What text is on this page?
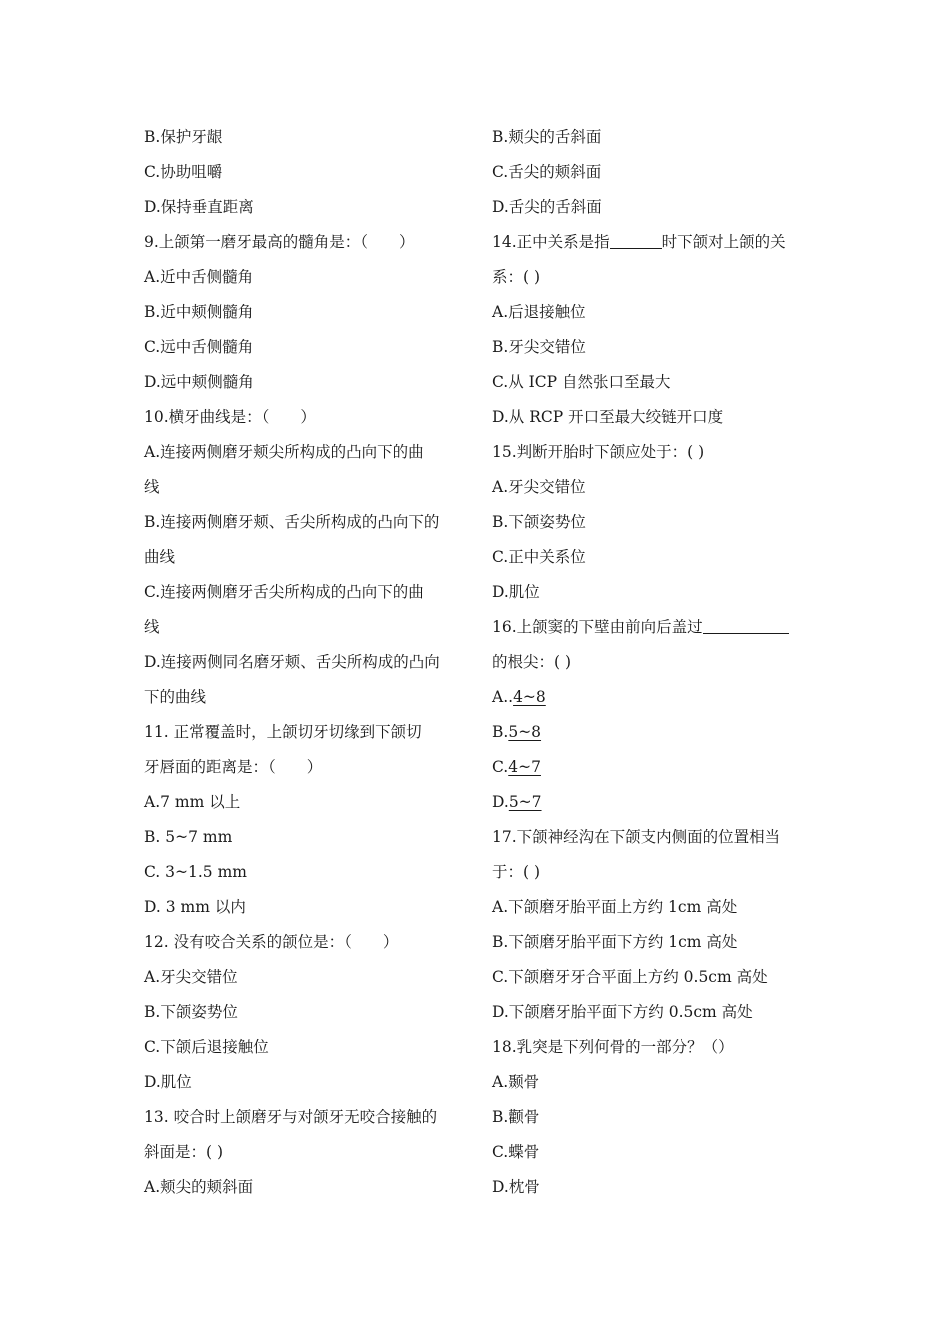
B.保护牙龈
C.协助咀嚼
D.保持垂直距离
9.上颌第一磨牙最高的髓角是：（　　）
A.近中舌侧髓角
B.近中颊侧髓角
C.远中舌侧髓角
D.远中颊侧髓角
10.横牙曲线是：（　　）
A.连接两侧磨牙颊尖所构成的凸向下的曲
线
B.连接两侧磨牙颊、舌尖所构成的凸向下的
曲线
C.连接两侧磨牙舌尖所构成的凸向下的曲
线
D.连接两侧同名磨牙颊、舌尖所构成的凸向
下的曲线
11. 正常覆盖时，上颌切牙切缘到下颌切
牙唇面的距离是：（　　）
A.7 mm 以上
B. 5~7 mm
C. 3~1.5 mm
D. 3 mm 以内
12. 没有咬合关系的颌位是：（　　）
A.牙尖交错位
B.下颌姿势位
C.下颌后退接触位
D.肌位
13. 咬合时上颌磨牙与对颌牙无咬合接触的
斜面是：( )
A.颊尖的颊斜面
B.颊尖的舌斜面
C.舌尖的颊斜面
D.舌尖的舌斜面
14.正中关系是指	时下颌对上颌的关
系：( )
A.后退接触位
B.牙尖交错位
C.从 ICP 自然张口至最大
D.从 RCP 开口至最大绞链开口度
15.判断开胎时下颌应处于：( )
A.牙尖交错位
B.下颌姿势位
C.正中关系位
D.肌位
16.上颌窦的下壁由前向后盖过
的根尖：( )
A..4~8
B.5~8
C.4~7
D.5~7
17.下颌神经沟在下颌支内侧面的位置相当
于：( )
A.下颌磨牙胎平面上方约 1cm 高处
B.下颌磨牙胎平面下方约 1cm 高处
C.下颌磨牙牙合平面上方约 0.5cm 高处
D.下颌磨牙胎平面下方约 0.5cm 高处
18.乳突是下列何骨的一部分？（）
A.颞骨
B.颧骨
C.蝶骨
D.枕骨
